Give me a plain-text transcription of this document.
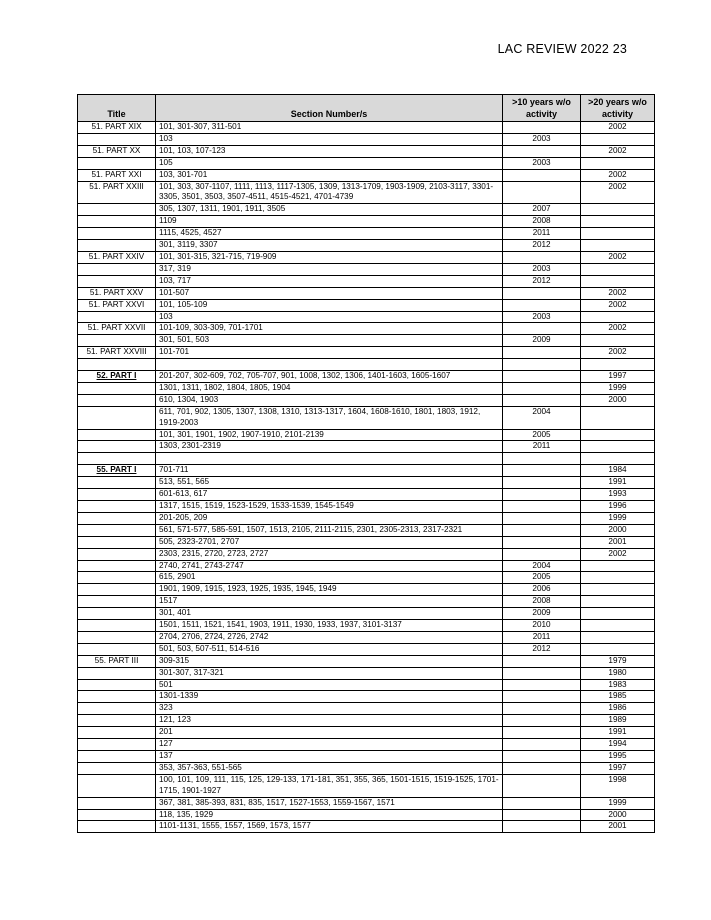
LAC REVIEW 2022 23
Title	Section Number/s	>10 years w/o activity	>20 years w/o activity
51. PART XIX	101, 301-307, 311-501		2002
	103	2003	
51. PART XX	101, 103, 107-123		2002
	105	2003	
51. PART XXI	103, 301-701		2002
51. PART XXIII	101, 303, 307-1107, 1111, 1113, 1117-1305, 1309, 1313-1709, 1903-1909, 2103-3117, 3301-3305, 3501, 3503, 3507-4511, 4515-4521, 4701-4739		2002
	305, 1307, 1311, 1901, 1911, 3505	2007	
	1109	2008	
	1115, 4525, 4527	2011	
	301, 3119, 3307	2012	
51. PART XXIV	101, 301-315, 321-715, 719-909		2002
	317, 319	2003	
	103, 717	2012	
51. PART XXV	101-507		2002
51. PART XXVI	101, 105-109		2002
	103	2003	
51. PART XXVII	101-109, 303-309, 701-1701		2002
	301, 501, 503	2009	
51. PART XXVIII	101-701		2002

52. PART I	201-207, 302-609, 702, 705-707, 901, 1008, 1302, 1306, 1401-1603, 1605-1607		1997
	1301, 1311, 1802, 1804, 1805, 1904		1999
	610, 1304, 1903		2000
	611, 701, 902, 1305, 1307, 1308, 1310, 1313-1317, 1604, 1608-1610, 1801, 1803, 1912, 1919-2003	2004	
	101, 301, 1901, 1902, 1907-1910, 2101-2139	2005	
	1303, 2301-2319	2011	

55. PART I	701-711		1984
	513, 551, 565		1991
	601-613, 617		1993
	1317, 1515, 1519, 1523-1529, 1533-1539, 1545-1549		1996
	201-205, 209		1999
	561, 571-577, 585-591, 1507, 1513, 2105, 2111-2115, 2301, 2305-2313, 2317-2321		2000
	505, 2323-2701, 2707		2001
	2303, 2315, 2720, 2723, 2727		2002
	2740, 2741, 2743-2747	2004	
	615, 2901	2005	
	1901, 1909, 1915, 1923, 1925, 1935, 1945, 1949	2006	
	1517	2008	
	301, 401	2009	
	1501, 1511, 1521, 1541, 1903, 1911, 1930, 1933, 1937, 3101-3137	2010	
	2704, 2706, 2724, 2726, 2742	2011	
	501, 503, 507-511, 514-516	2012	
55. PART III	309-315		1979
	301-307, 317-321		1980
	501		1983
	1301-1339		1985
	323		1986
	121, 123		1989
	201		1991
	127		1994
	137		1995
	353, 357-363, 551-565		1997
	100, 101, 109, 111, 115, 125, 129-133, 171-181, 351, 355, 365, 1501-1515, 1519-1525, 1701-1715, 1901-1927		1998
	367, 381, 385-393, 831, 835, 1517, 1527-1553, 1559-1567, 1571		1999
	118, 135, 1929		2000
	1101-1131, 1555, 1557, 1569, 1573, 1577		2001
